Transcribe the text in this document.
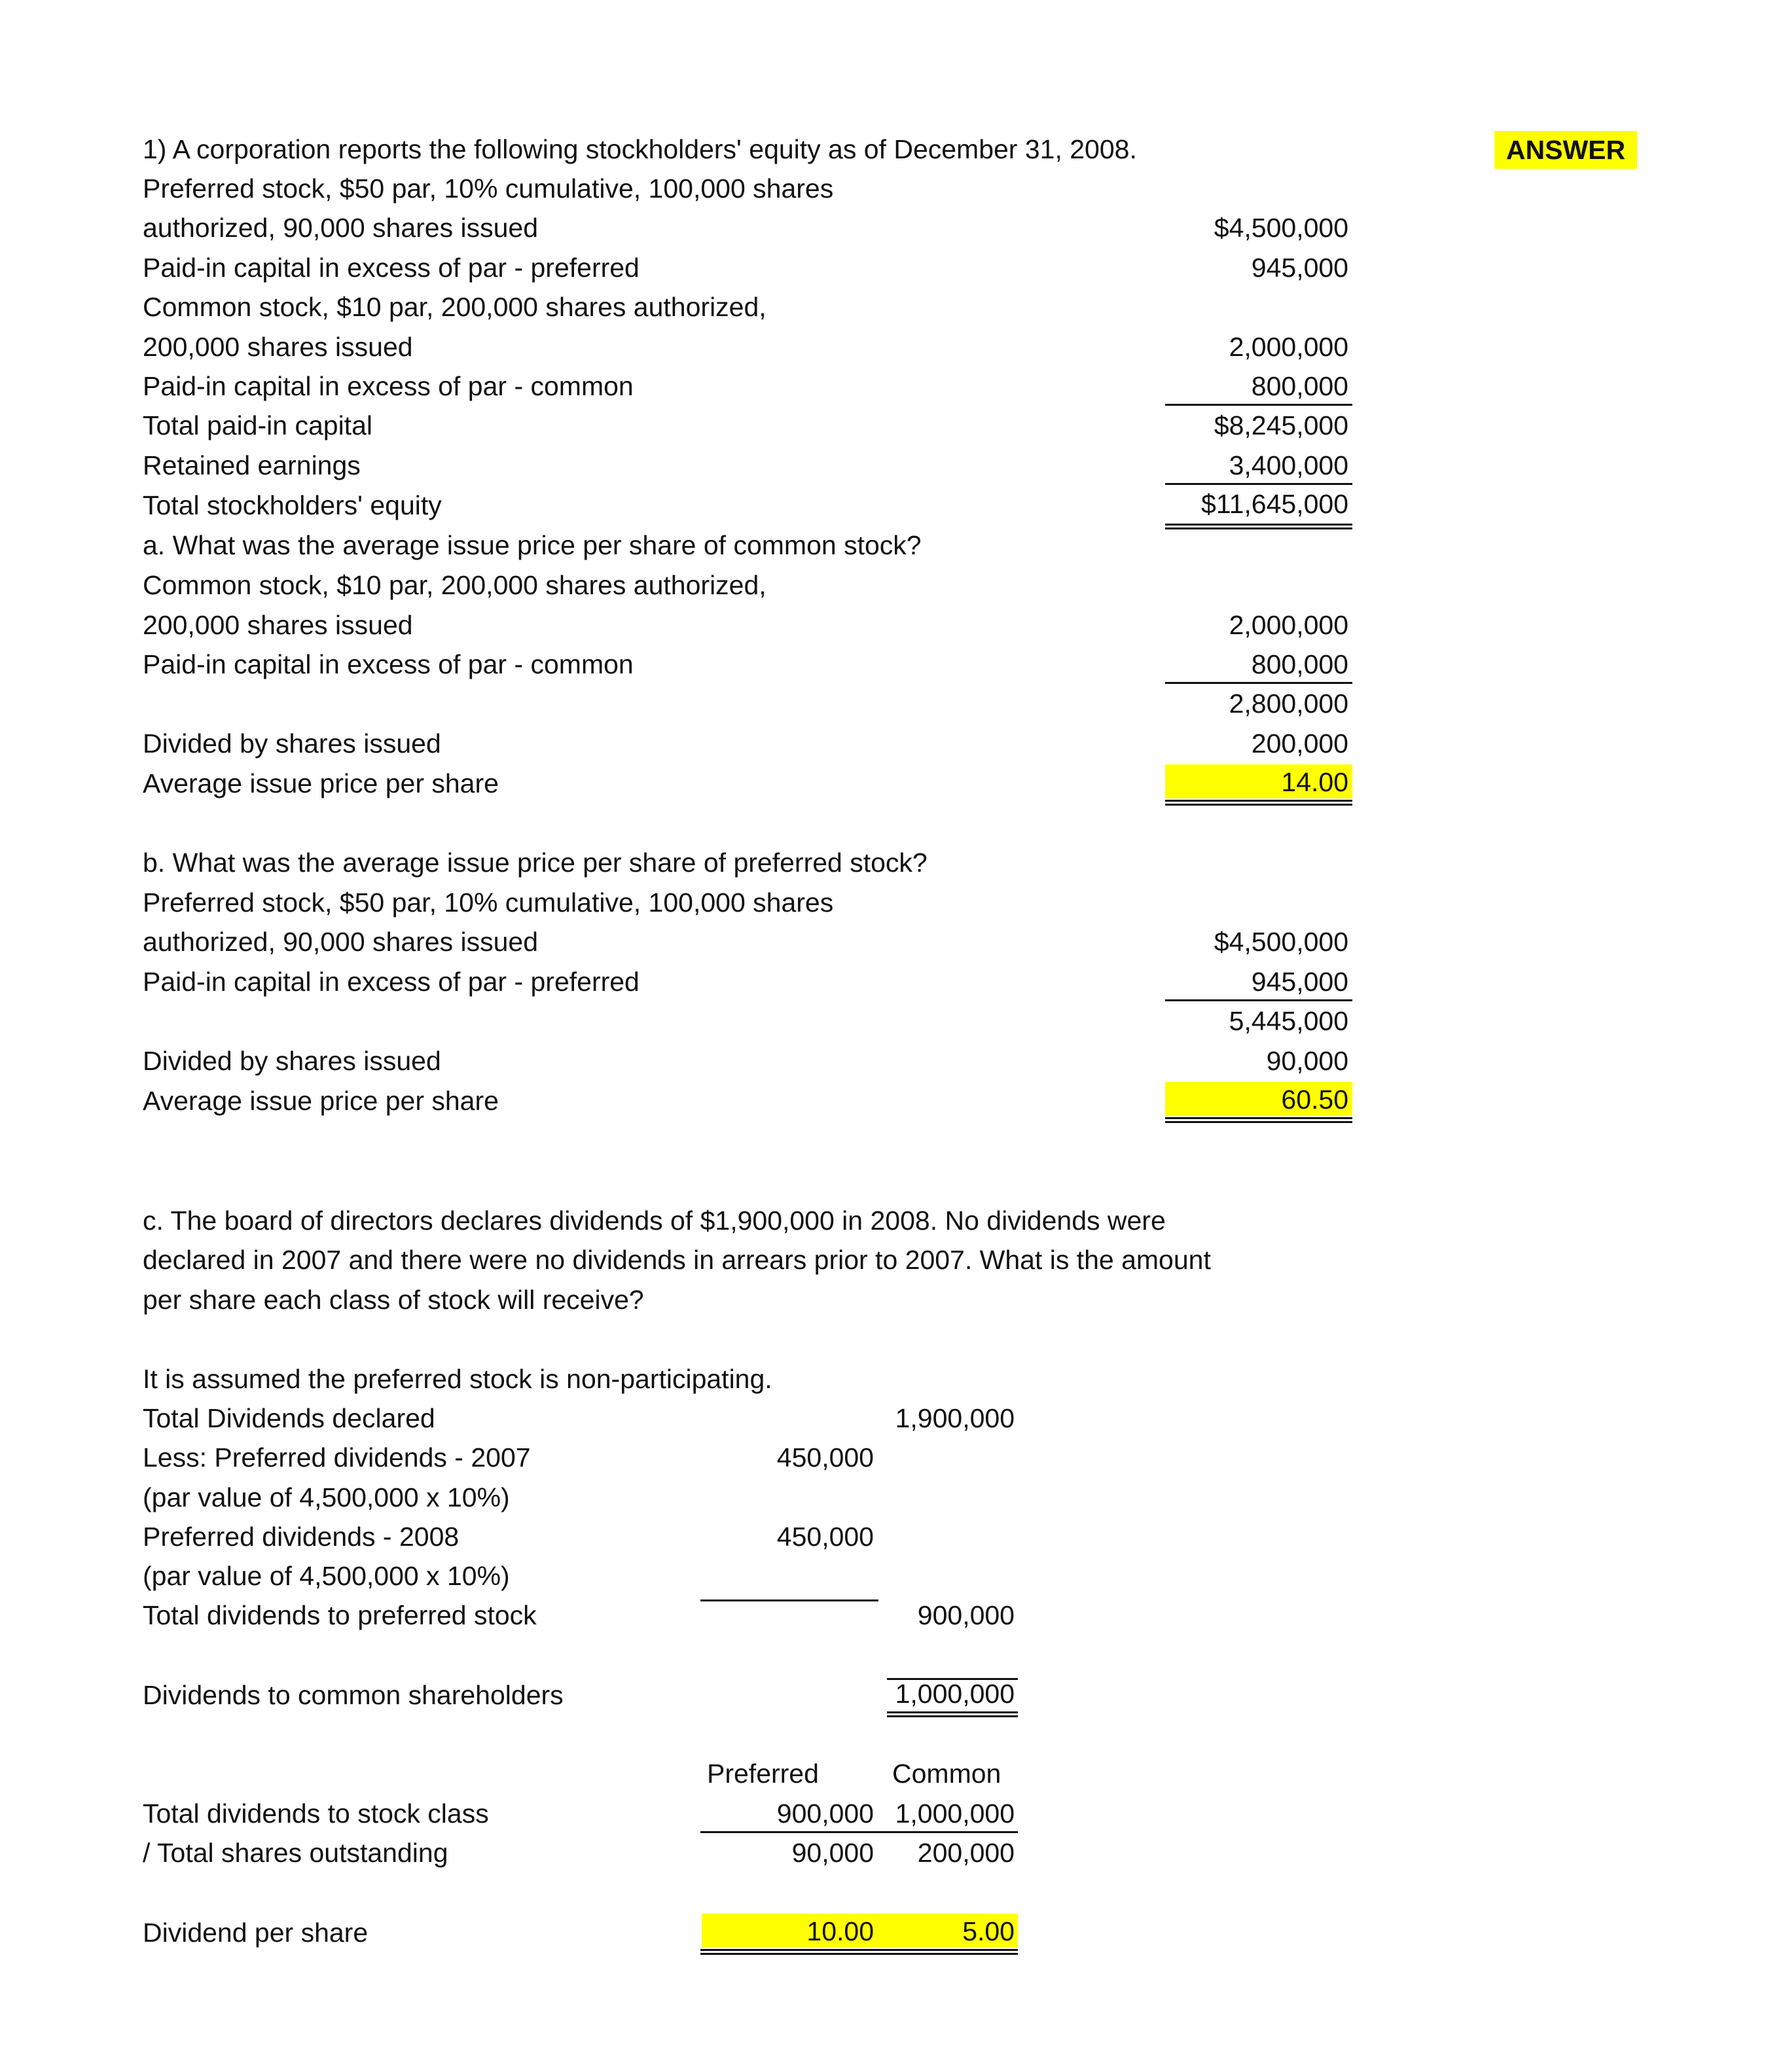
ANSWER
1) A corporation reports the following stockholders' equity as of December 31, 2008.
Preferred stock, $50 par, 10% cumulative, 100,000 shares
authorized, 90,000 shares issued	$4,500,000
Paid-in capital in excess of par - preferred	945,000
Common stock, $10 par, 200,000 shares authorized,
200,000 shares issued	2,000,000
Paid-in capital in excess of par - common	800,000
Total paid-in capital	$8,245,000
Retained earnings	3,400,000
Total stockholders' equity	$11,645,000
a. What was the average issue price per share of common stock?
Common stock, $10 par, 200,000 shares authorized,
200,000 shares issued	2,000,000
Paid-in capital in excess of par - common	800,000
2,800,000
Divided by shares issued	200,000
Average issue price per share	14.00
b. What was the average issue price per share of preferred stock?
Preferred stock, $50 par, 10% cumulative, 100,000 shares
authorized, 90,000 shares issued	$4,500,000
Paid-in capital in excess of par - preferred	945,000
5,445,000
Divided by shares issued	90,000
Average issue price per share	60.50
c. The board of directors declares dividends of $1,900,000 in 2008. No dividends were
declared in 2007 and there were no dividends in arrears prior to 2007. What is the amount
per share each class of stock will receive?
It is assumed the preferred stock is non-participating.
Total Dividends declared	1,900,000
Less: Preferred dividends - 2007	450,000
(par value of 4,500,000 x 10%)
Preferred dividends - 2008	450,000
(par value of 4,500,000 x 10%)
Total dividends to preferred stock	900,000
Dividends to common shareholders	1,000,000
Preferred	Common
Total dividends to stock class	900,000 1,000,000
/ Total shares outstanding	90,000	200,000
Dividend per share	10.00	5.00
